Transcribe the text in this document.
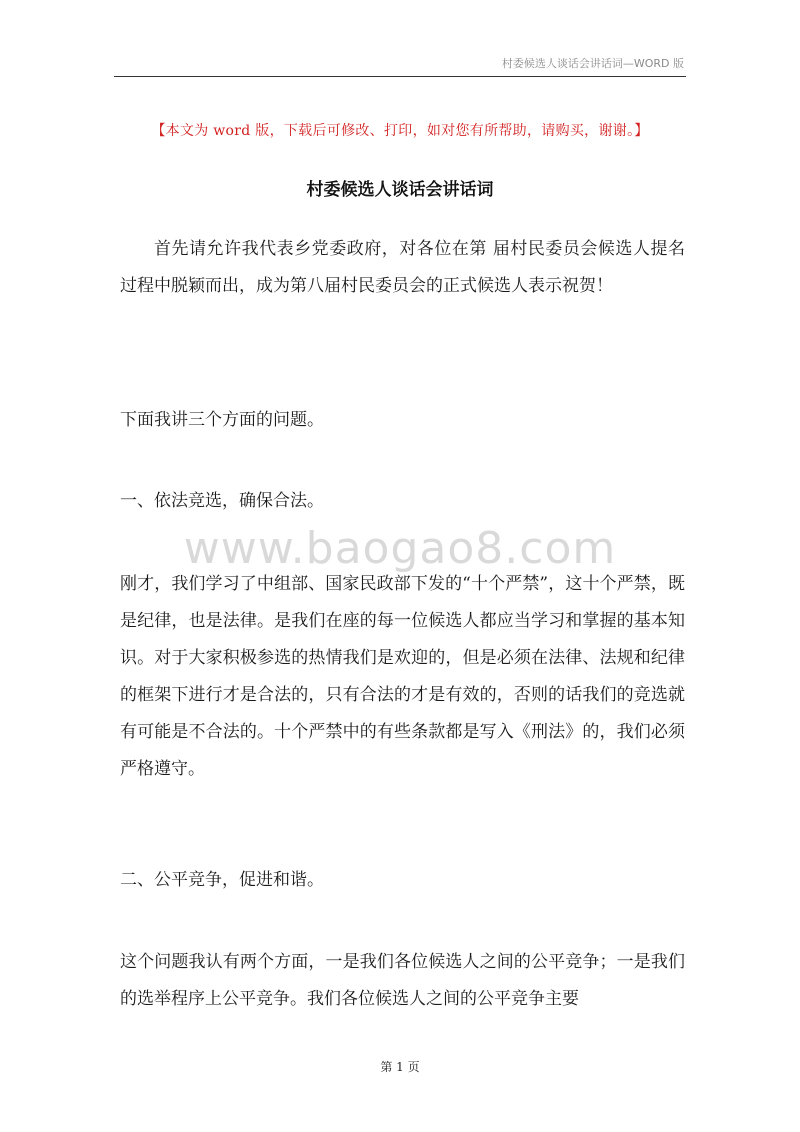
村委候选人谈话会讲话词—WORD 版
【本文为 word 版，下载后可修改、打印，如对您有所帮助，请购买，谢谢。】
村委候选人谈话会讲话词

首先请允许我代表乡党委政府，对各位在第 届村民委员会候选人提名过程中脱颖而出，成为第八届村民委员会的正式候选人表示祝贺！

下面我讲三个方面的问题。

一、依法竞选，确保合法。

www.baogao8.com

刚才，我们学习了中组部、国家民政部下发的“十个严禁”，这十个严禁，既是纪律，也是法律。是我们在座的每一位候选人都应当学习和掌握的基本知识。对于大家积极参选的热情我们是欢迎的，但是必须在法律、法规和纪律的框架下进行才是合法的，只有合法的才是有效的，否则的话我们的竞选就有可能是不合法的。十个严禁中的有些条款都是写入《刑法》的，我们必须严格遵守。

二、公平竞争，促进和谐。

这个问题我认有两个方面，一是我们各位候选人之间的公平竞争；一是我们的选举程序上公平竞争。我们各位候选人之间的公平竞争主要

第 1 页
